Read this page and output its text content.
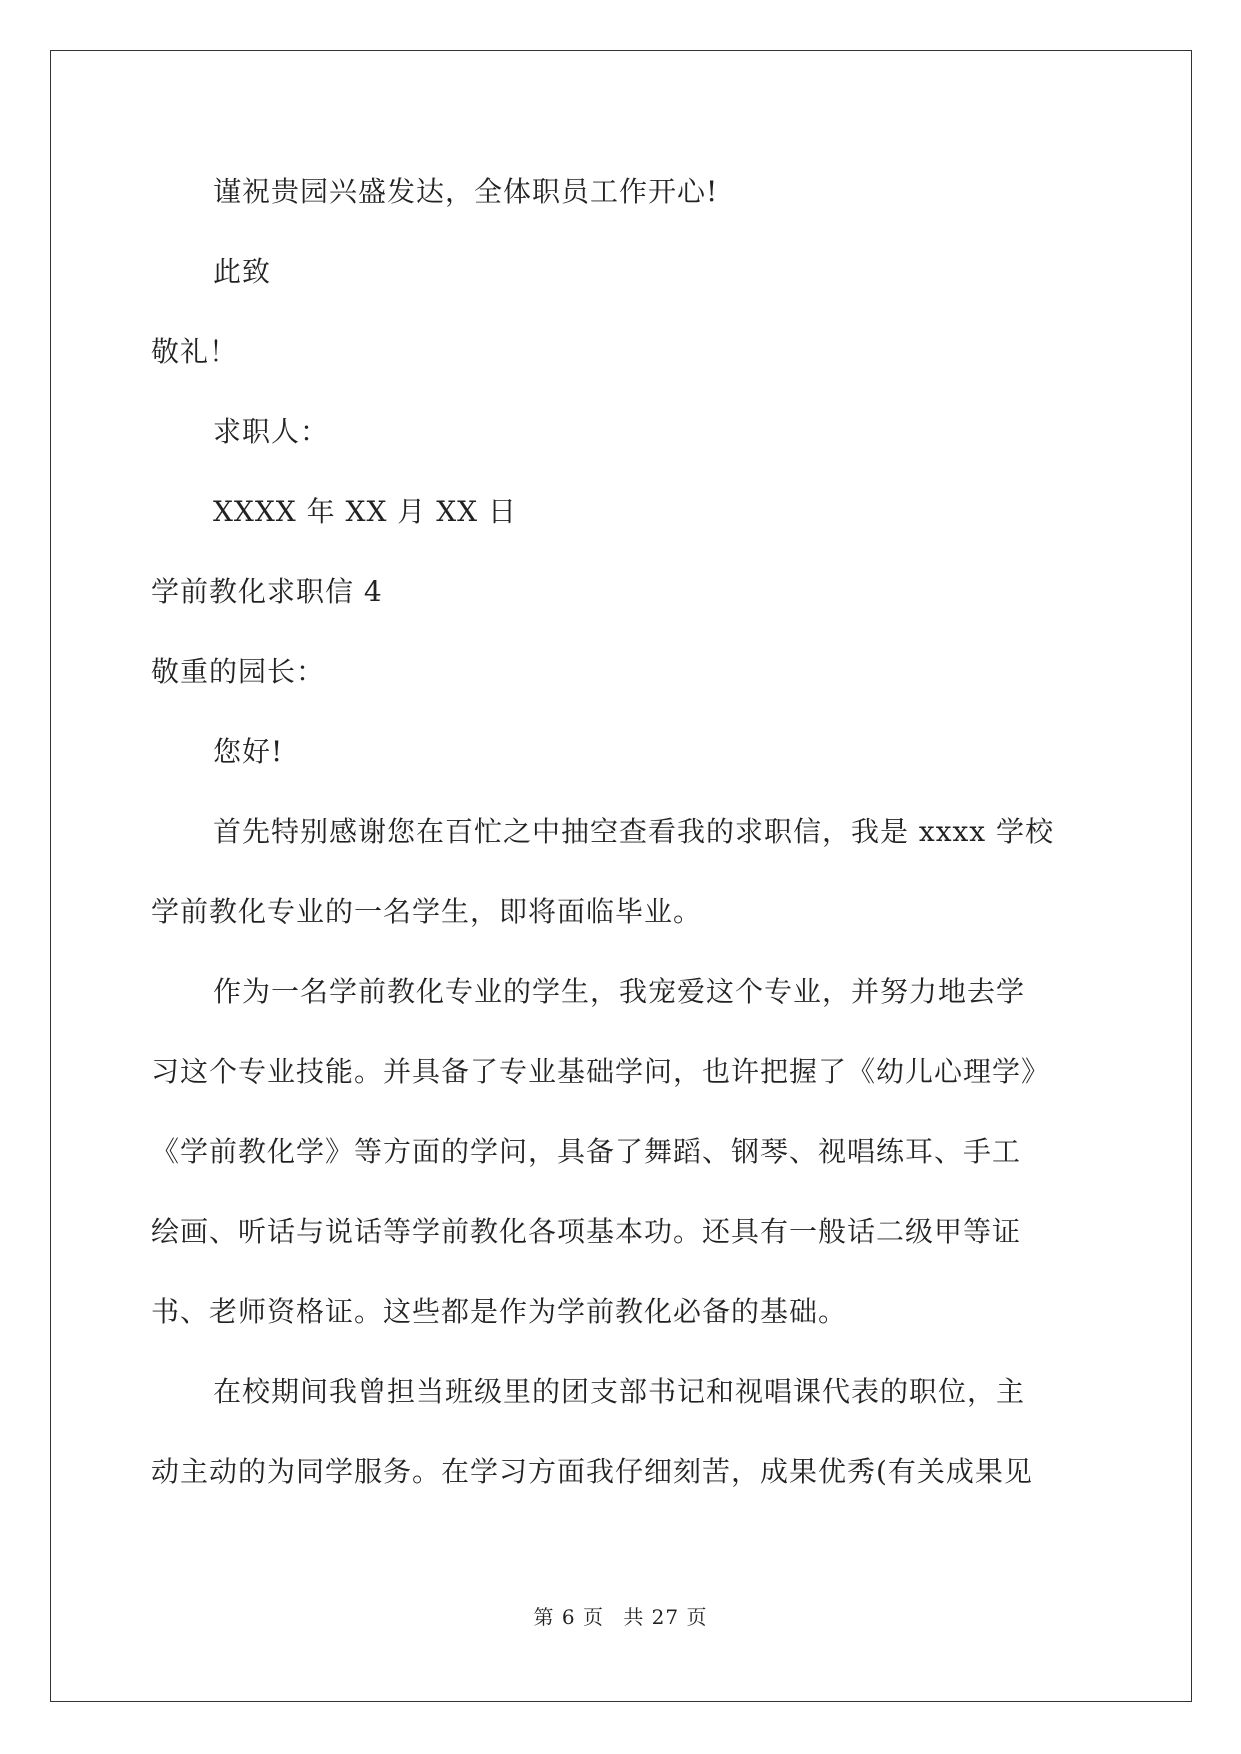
谨祝贵园兴盛发达，全体职员工作开心!
此致
敬礼！
求职人：
XXXX 年 XX 月 XX 日
学前教化求职信 4
敬重的园长：
您好!
首先特别感谢您在百忙之中抽空查看我的求职信，我是 xxxx 学校
学前教化专业的一名学生，即将面临毕业。
作为一名学前教化专业的学生，我宠爱这个专业，并努力地去学
习这个专业技能。并具备了专业基础学问，也许把握了《幼儿心理学》
《学前教化学》等方面的学问，具备了舞蹈、钢琴、视唱练耳、手工
绘画、听话与说话等学前教化各项基本功。还具有一般话二级甲等证
书、老师资格证。这些都是作为学前教化必备的基础。
在校期间我曾担当班级里的团支部书记和视唱课代表的职位，主
动主动的为同学服务。在学习方面我仔细刻苦，成果优秀(有关成果见
第 6 页 共 27 页
